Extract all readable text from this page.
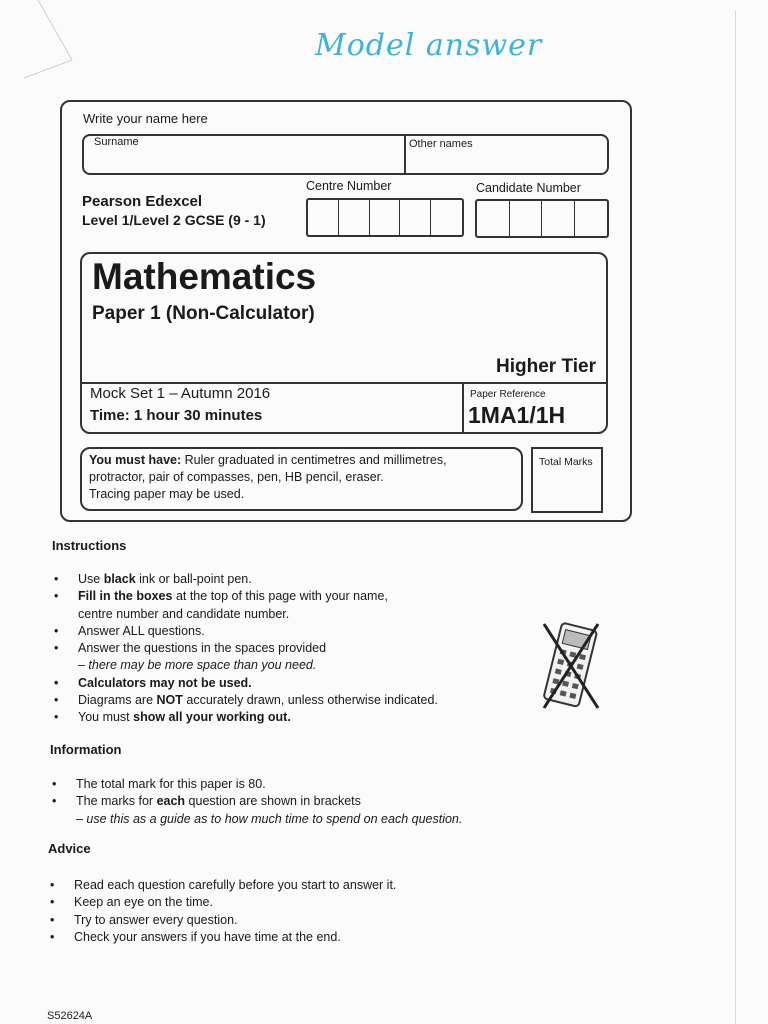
Model answer
Write your name here
Surname	Other names
Centre Number	Candidate Number
Pearson Edexcel
Level 1/Level 2 GCSE (9 - 1)
Mathematics
Paper 1 (Non-Calculator)
Higher Tier
Mock Set 1 – Autumn 2016
Time: 1 hour 30 minutes
Paper Reference
1MA1/1H
You must have: Ruler graduated in centimetres and millimetres,
protractor, pair of compasses, pen, HB pencil, eraser.
Tracing paper may be used.
Total Marks
Instructions
• Use black ink or ball-point pen.
• Fill in the boxes at the top of this page with your name,
centre number and candidate number.
• Answer ALL questions.
• Answer the questions in the spaces provided
– there may be more space than you need.
• Calculators may not be used.
• Diagrams are NOT accurately drawn, unless otherwise indicated.
• You must show all your working out.
Information
• The total mark for this paper is 80.
• The marks for each question are shown in brackets
– use this as a guide as to how much time to spend on each question.
Advice
• Read each question carefully before you start to answer it.
• Keep an eye on the time.
• Try to answer every question.
• Check your answers if you have time at the end.
S52624A
